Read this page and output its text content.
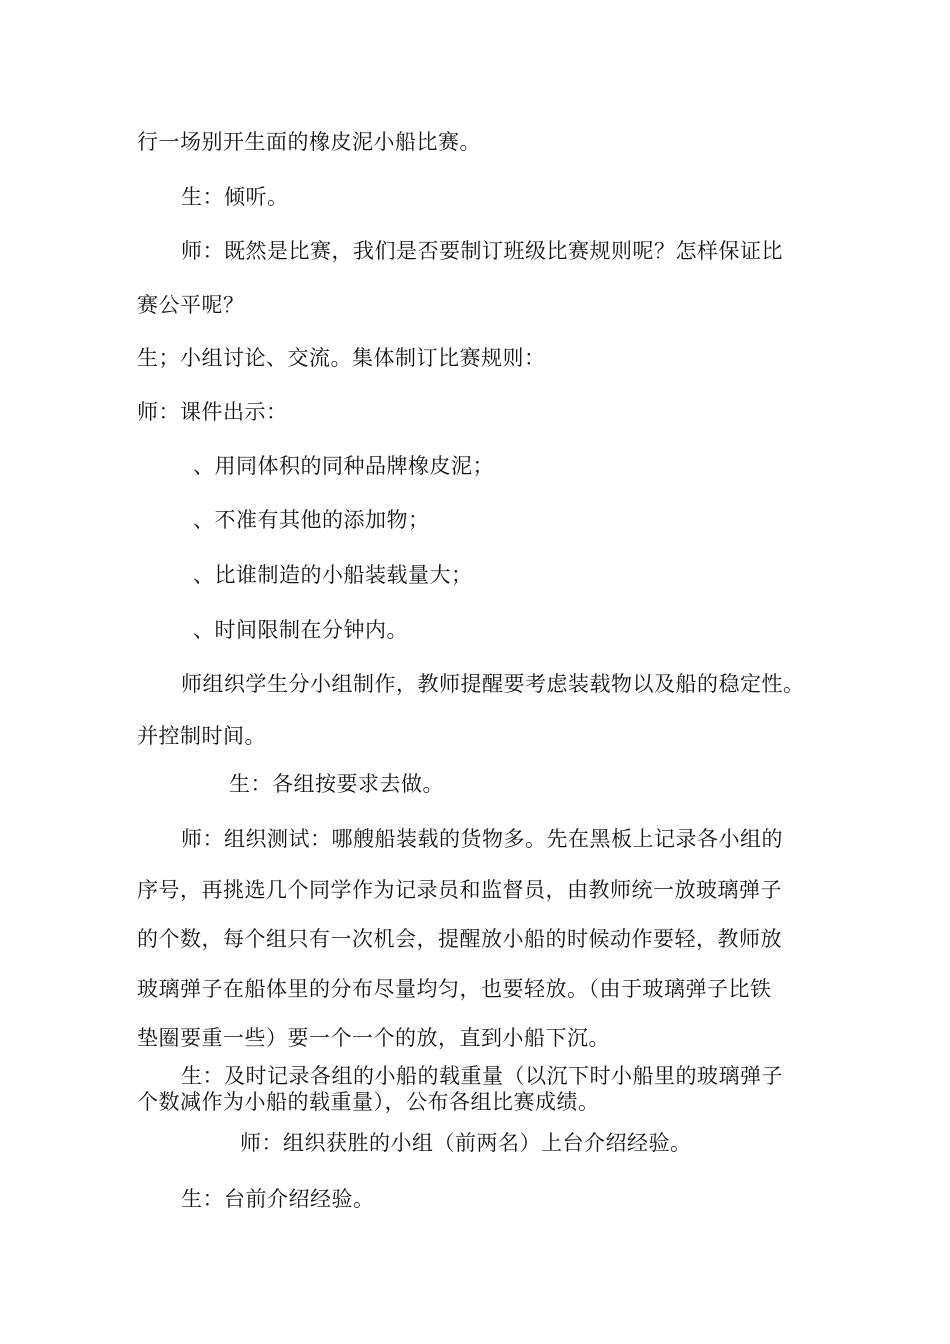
行一场别开生面的橡皮泥小船比赛。
生：倾听。
师：既然是比赛，我们是否要制订班级比赛规则呢？怎样保证比
赛公平呢？
生；小组讨论、交流。集体制订比赛规则：
师：课件出示：
、用同体积的同种品牌橡皮泥；
、不准有其他的添加物；
、比谁制造的小船装载量大；
、时间限制在分钟内。
师组织学生分小组制作，教师提醒要考虑装载物以及船的稳定性。
并控制时间。
生：各组按要求去做。
师：组织测试：哪艘船装载的货物多。先在黑板上记录各小组的
序号，再挑选几个同学作为记录员和监督员，由教师统一放玻璃弹子
的个数，每个组只有一次机会，提醒放小船的时候动作要轻，教师放
玻璃弹子在船体里的分布尽量均匀，也要轻放。（由于玻璃弹子比铁
垫圈要重一些）要一个一个的放，直到小船下沉。
生：及时记录各组的小船的载重量（以沉下时小船里的玻璃弹子
个数减作为小船的载重量），公布各组比赛成绩。
师：组织获胜的小组（前两名）上台介绍经验。
生：台前介绍经验。
